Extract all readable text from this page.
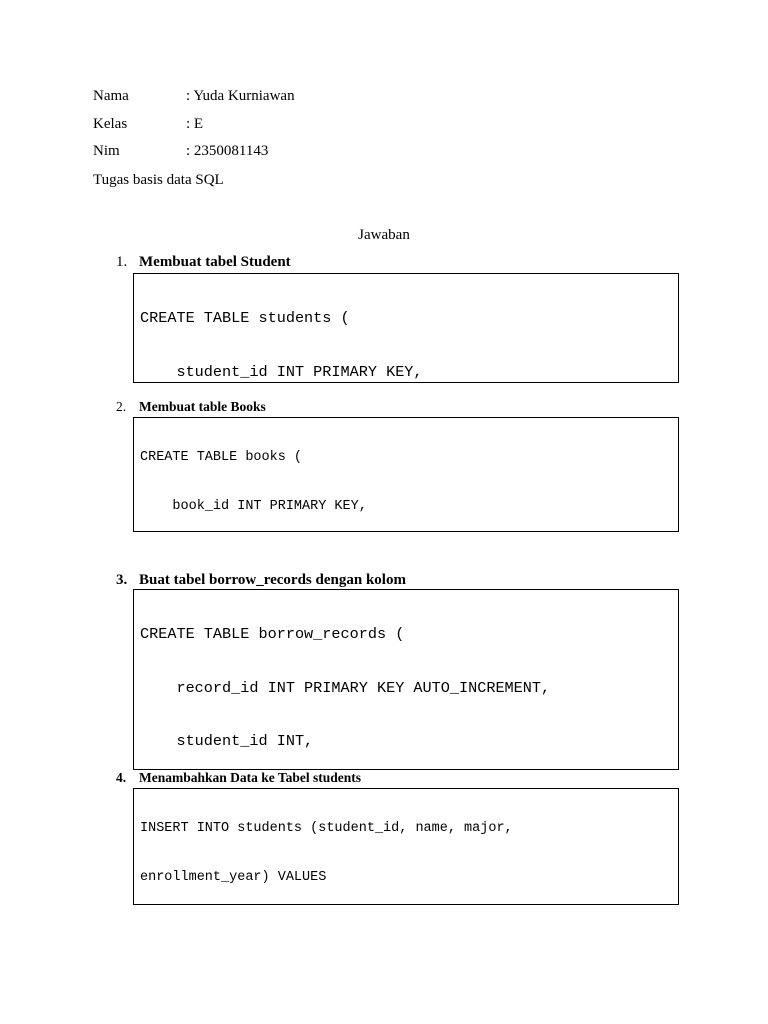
Nama	: Yuda Kurniawan
Kelas	: E
Nim	: 2350081143
Tugas basis data SQL
Jawaban
1. Membuat tabel Student

CREATE TABLE students (

student_id INT PRIMARY KEY,

2. Membuat table Books

CREATE TABLE books (

book_id INT PRIMARY KEY,

3. Buat tabel borrow_records dengan kolom

CREATE TABLE borrow_records (

record_id INT PRIMARY KEY AUTO_INCREMENT,

student_id INT,

4. Menambahkan Data ke Tabel students

INSERT INTO students (student_id, name, major,

enrollment_year) VALUES
